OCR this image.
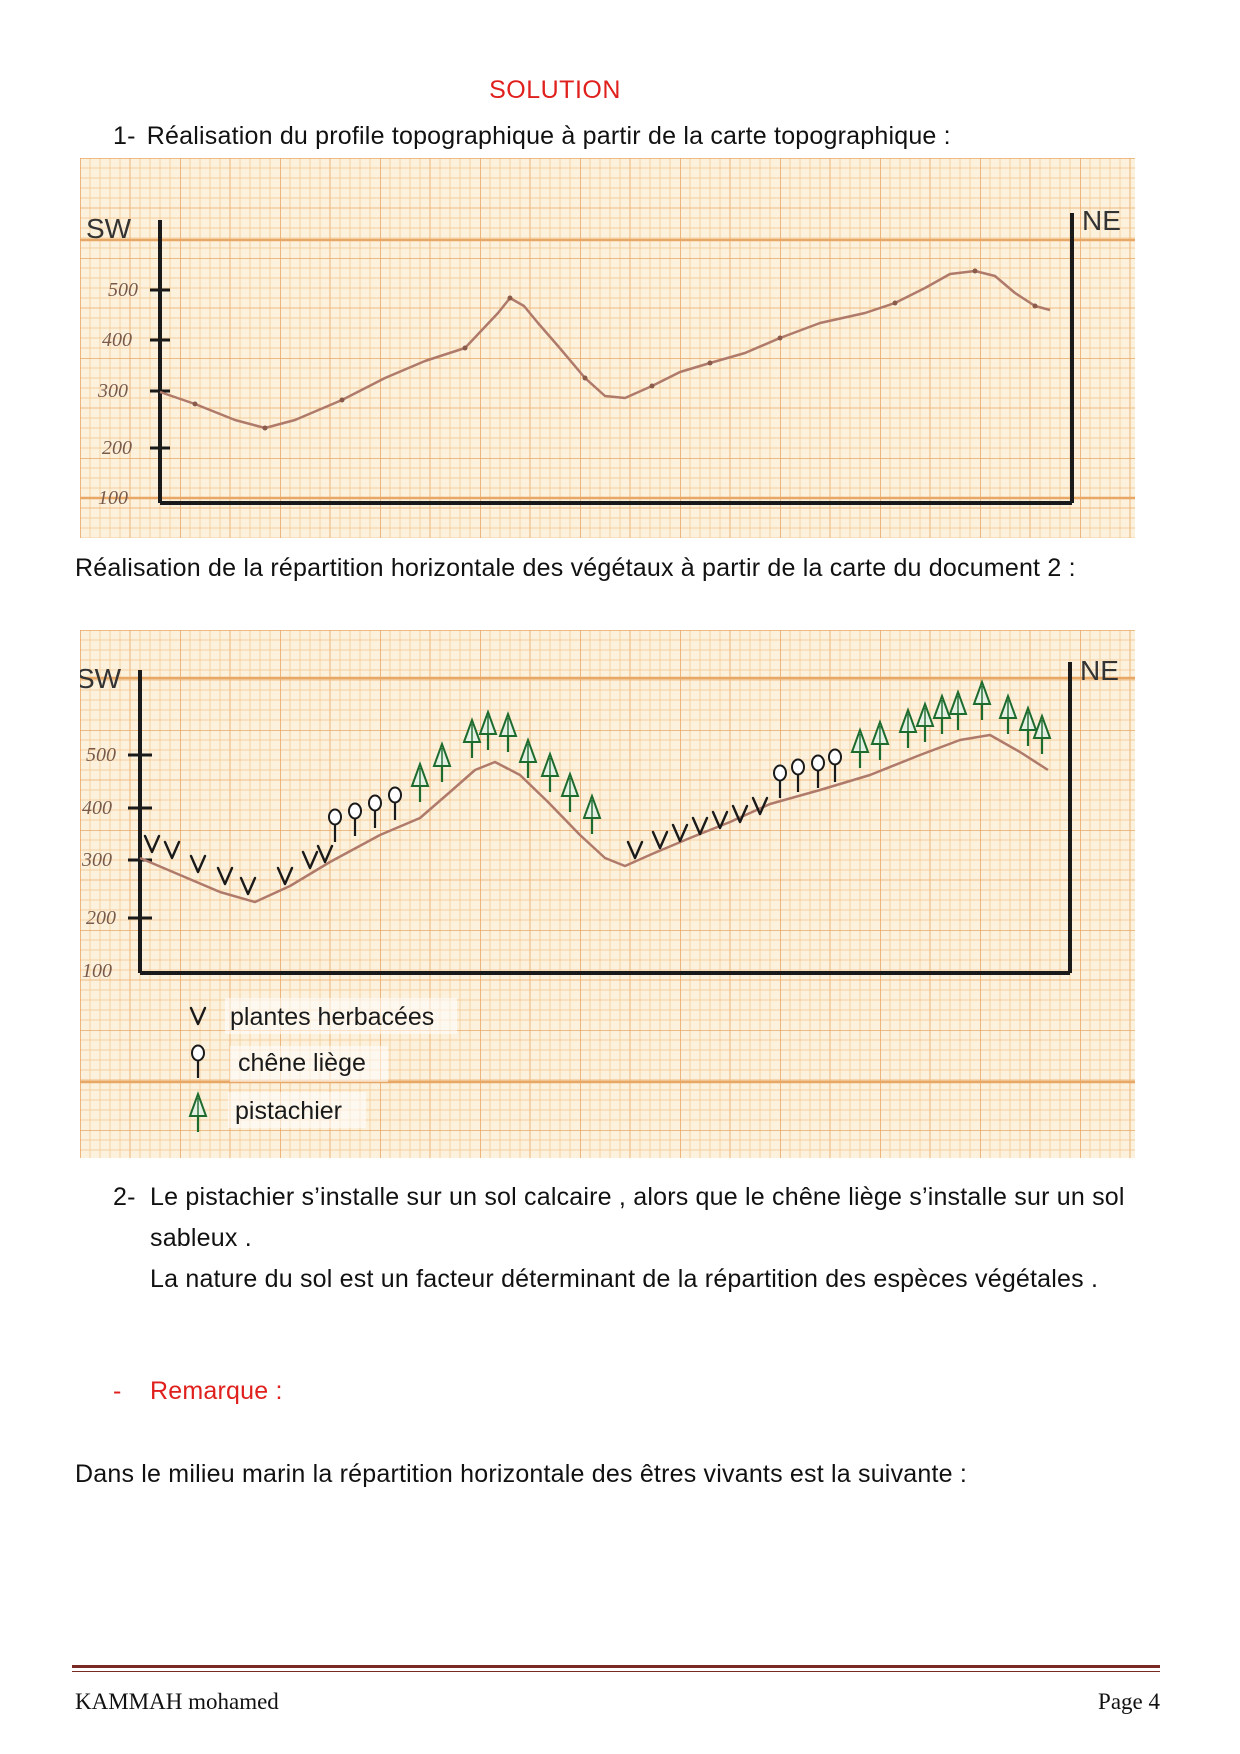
SOLUTION
1- Réalisation du profile topographique à partir de la carte topographique :
SW	NE
500
400
300
200
100
Réalisation de la répartition horizontale des végétaux à partir de la carte du document 2 :
SW	NE
500
400
300
200
100
plantes herbacées
chêne liège
pistachier
2- Le pistachier s’installe sur un sol calcaire , alors que le chêne liège s’installe sur un sol sableux .
La nature du sol est un facteur déterminant de la répartition des espèces végétales .
- Remarque :
Dans le milieu marin la répartition horizontale des êtres vivants est la suivante :
KAMMAH mohamed	Page 4
